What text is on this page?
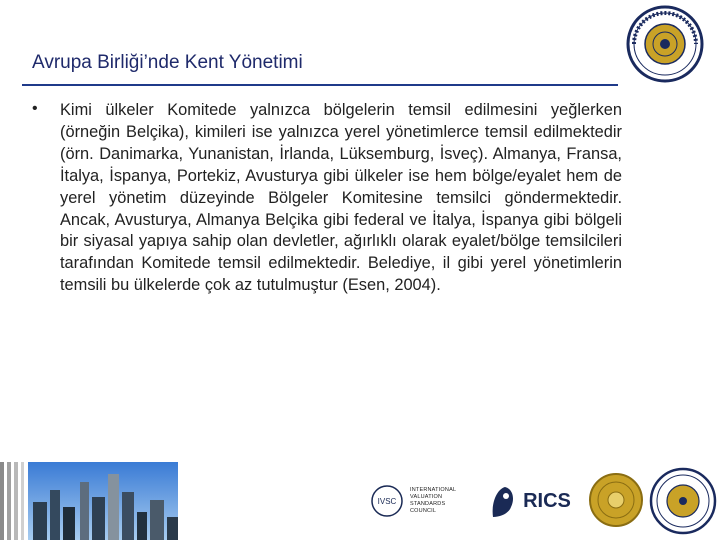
Avrupa Birliği’nde Kent Yönetimi
• Kimi ülkeler Komitede yalnızca bölgelerin temsil edilmesini yeğlerken (örneğin Belçika), kimileri ise yalnızca yerel yönetimlerce temsil edilmektedir (örn. Danimarka, Yunanistan, İrlanda, Lüksemburg, İsveç). Almanya, Fransa, İtalya, İspanya, Portekiz, Avusturya gibi ülkeler ise hem bölge/eyalet hem de yerel yönetim düzeyinde Bölgeler Komitesine temsilci göndermektedir. Ancak, Avusturya, Almanya Belçika gibi federal ve İtalya, İspanya gibi bölgeli bir siyasal yapıya sahip olan devletler, ağırlıklı olarak eyalet/bölge temsilcileri tarafından Komitede temsil edilmektedir. Belediye, il gibi yerel yönetimlerin temsili bu ülkelerde çok az tutulmuştur (Esen, 2004).
IVSC
INTERNATIONAL VALUATION STANDARDS COUNCIL	RICS
